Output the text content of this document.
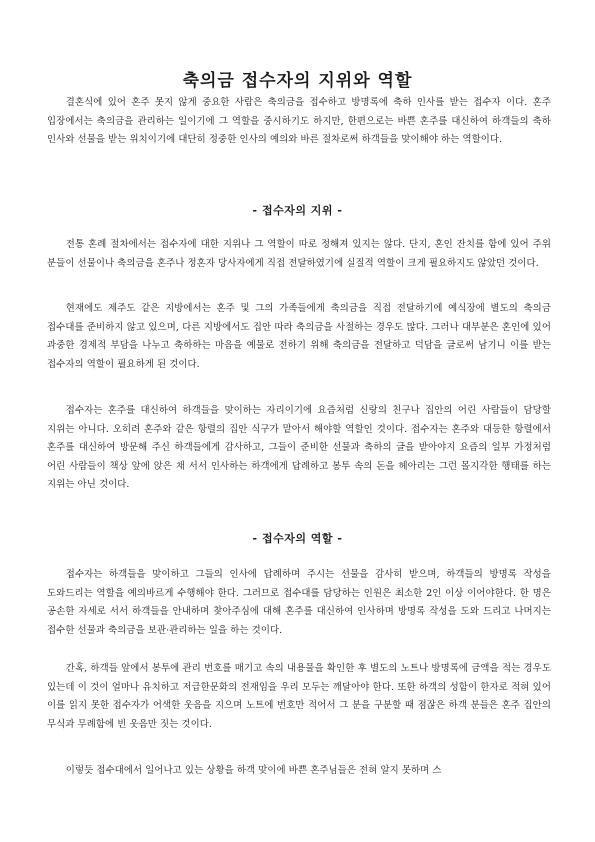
축의금 접수자의 지위와 역할

결혼식에 있어 혼주 못지 않게 중요한 사람은 축의금을 접수하고 방명록에 축하 인사를 받는 접수자 이다. 혼주 입장에서는 축의금을 관리하는 일이기에 그 역할을 중시하기도 하지만, 한편으로는 바쁜 혼주를 대신하여 하객들의 축하 인사와 선물을 받는 위치이기에 대단히 정중한 인사의 예의와 바른 절차로써 하객들을 맞이해야 하는 역할이다.

- 접수자의 지위 -

전통 혼례 절차에서는 접수자에 대한 지위나 그 역할이 따로 정해져 있지는 않다. 단지, 혼인 잔치를 함에 있어 주위 분들이 선물이나 축의금을 혼주나 정혼자 당사자에게 직접 전달하였기에 실질적 역할이 크게 필요하지도 않았던 것이다.

현재에도 제주도 같은 지방에서는 혼주 및 그의 가족들에게 축의금을 직접 전달하기에 예식장에 별도의 축의금 접수대를 준비하지 않고 있으며, 다른 지방에서도 집안 따라 축의금을 사절하는 경우도 많다. 그러나 대부분은 혼인에 있어 과중한 경제적 부담을 나누고 축하하는 마음을 예물로 전하기 위해 축의금을 전달하고 덕담을 글로써 남기니 이를 받는 접수자의 역할이 필요하게 된 것이다.

접수자는 혼주를 대신하여 하객들을 맞이하는 자리이기에 요즘처럼 신랑의 친구나 집안의 어린 사람들이 담당할 지위는 아니다. 오히려 혼주와 같은 항렬의 집안 식구가 맡아서 해야할 역할인 것이다. 접수자는 혼주와 대등한 항렬에서 혼주를 대신하여 방문해 주신 하객들에게 감사하고, 그들이 준비한 선물과 축하의 글을 받아야지 요즘의 일부 가정처럼 어린 사람들이 책상 앞에 앉은 채 서서 인사하는 하객에게 답례하고 봉투 속의 돈을 헤아리는 그런 몰지각한 행태를 하는 지위는 아닌 것이다.

- 접수자의 역할 -

접수자는 하객들을 맞이하고 그들의 인사에 답례하며 주시는 선물을 감사히 받으며, 하객들의 방명록 작성을 도와드리는 역할을 예의바르게 수행해야 한다. 그러므로 접수대를 담당하는 인원은 최소한 2인 이상 이어야한다. 한 명은 공손한 자세로 서서 하객들을 안내하며 찾아주심에 대해 혼주를 대신하여 인사하며 방명록 작성을 도와 드리고 나머지는 접수한 선물과 축의금을 보관·관리하는 일을 하는 것이다.

간혹, 하객들 앞에서 봉투에 관리 번호를 매기고 속의 내용물을 확인한 후 별도의 노트나 방명록에 금액을 적는 경우도 있는데 이 것이 얼마나 유치하고 저급한문화의 전재임을 우리 모두는 깨달아야 한다. 또한 하객의 성함이 한자로 적혀 있어 이를 읽지 못한 접수자가 어색한 웃음을 지으며 노트에 번호만 적어서 그 분을 구분할 때 점잖은 하객 분들은 혼주 집안의 무식과 무례함에 빈 웃음만 짓는 것이다.

이렇듯 접수대에서 일어나고 있는 상황을 하객 맞이에 바쁜 혼주님들은 전혀 알지 못하며 스
